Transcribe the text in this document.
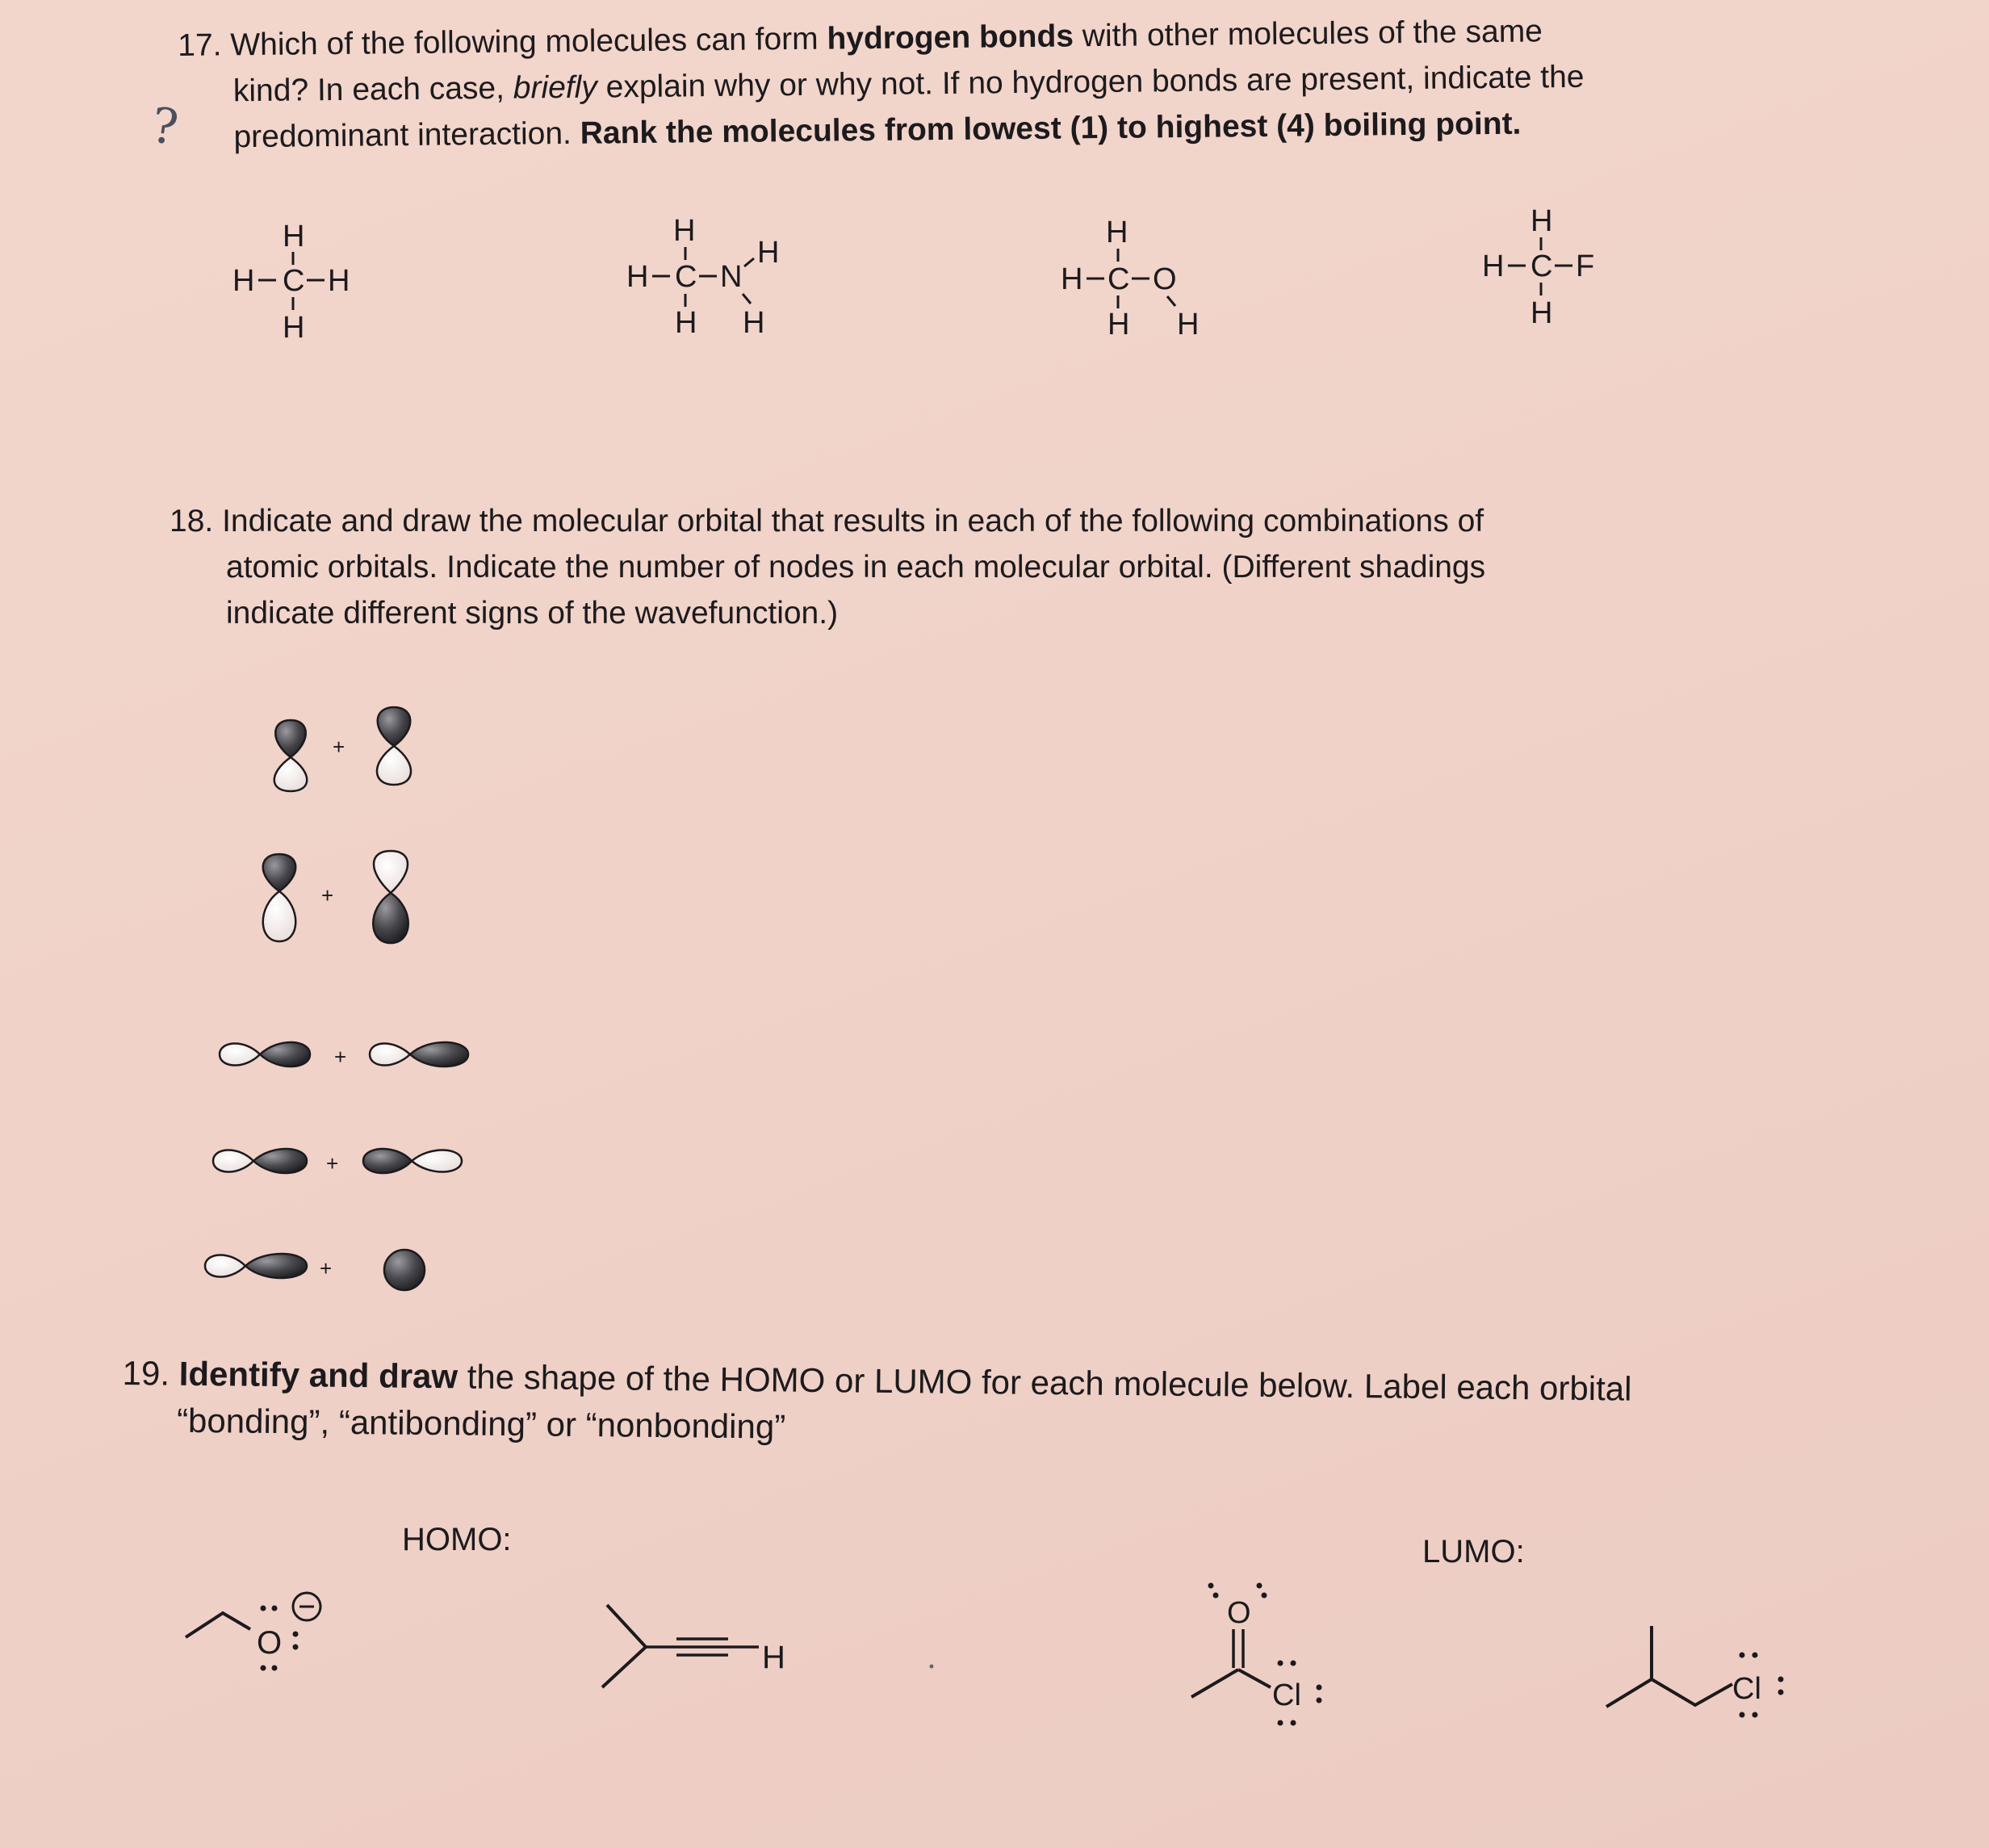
17. Which of the following molecules can form hydrogen bonds with other molecules of the same
kind? In each case, briefly explain why or why not. If no hydrogen bonds are present, indicate the
predominant interaction. Rank the molecules from lowest (1) to highest (4) boiling point.

?

18. Indicate and draw the molecular orbital that results in each of the following combinations of
atomic orbitals. Indicate the number of nodes in each molecular orbital. (Different shadings
indicate different signs of the wavefunction.)

19. Identify and draw the shape of the HOMO or LUMO for each molecule below. Label each orbital
“bonding”, “antibonding” or “nonbonding”

HOMO:	LUMO:
H
H C H
H
H
H C N
H
H
H
H
H C O
H H
H
H C F
H
+
+
+
+
+
O	H
O
Cl	Cl
